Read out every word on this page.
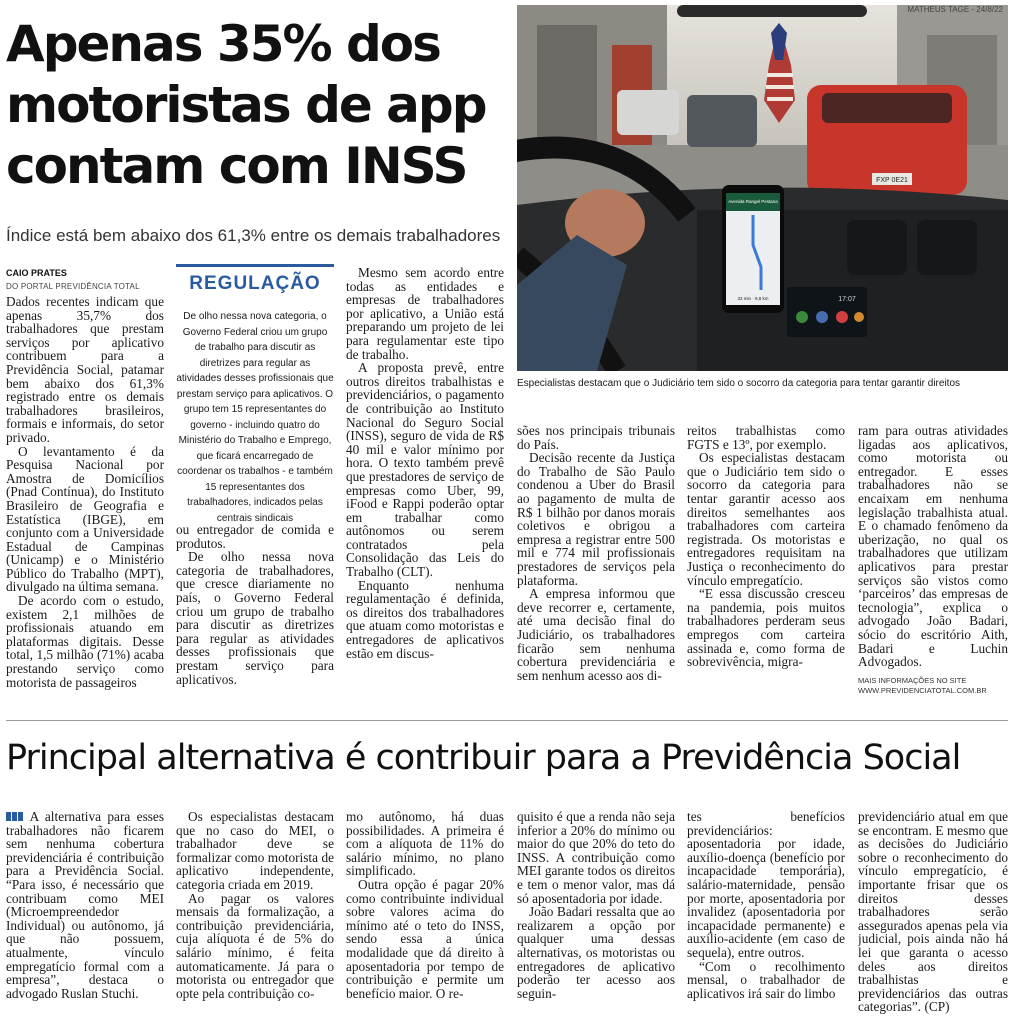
Apenas 35% dos motoristas de app contam com INSS
Índice está bem abaixo dos 61,3% entre os demais trabalhadores
CAIO PRATES
DO PORTAL PREVIDÊNCIA TOTAL

Dados recentes indicam que apenas 35,7% dos trabalhadores que prestam serviços por aplicativo contribuem para a Previdência Social, patamar bem abaixo dos 61,3% registrado entre os demais trabalhadores brasileiros, formais e informais, do setor privado.

O levantamento é da Pesquisa Nacional por Amostra de Domicílios (Pnad Contínua), do Instituto Brasileiro de Geografia e Estatística (IBGE), em conjunto com a Universidade Estadual de Campinas (Unicamp) e o Ministério Público do Trabalho (MPT), divulgado na última semana.

De acordo com o estudo, existem 2,1 milhões de profissionais atuando em plataformas digitais. Desse total, 1,5 milhão (71%) acaba prestando serviço como motorista de passageiros

REGULAÇÃO
De olho nessa nova categoria, o Governo Federal criou um grupo de trabalho para discutir as diretrizes para regular as atividades desses profissionais que prestam serviço para aplicativos. O grupo tem 15 representantes do governo - incluindo quatro do Ministério do Trabalho e Emprego, que ficará encarregado de coordenar os trabalhos - e também 15 representantes dos trabalhadores, indicados pelas centrais sindicais

ou entregador de comida e produtos.

De olho nessa nova categoria de trabalhadores, que cresce diariamente no país, o Governo Federal criou um grupo de trabalho para discutir as diretrizes para regular as atividades desses profissionais que prestam serviço para aplicativos.

Mesmo sem acordo entre todas as entidades e empresas de trabalhadores por aplicativo, a União está preparando um projeto de lei para regulamentar este tipo de trabalho.

A proposta prevê, entre outros direitos trabalhistas e previdenciários, o pagamento de contribuição ao Instituto Nacional do Seguro Social (INSS), seguro de vida de R$ 40 mil e valor mínimo por hora. O texto também prevê que prestadores de serviço de empresas como Uber, 99, iFood e Rappi poderão optar em trabalhar como autônomos ou serem contratados pela Consolidação das Leis do Trabalho (CLT).

Enquanto nenhuma regulamentação é definida, os direitos dos trabalhadores que atuam como motoristas e entregadores de aplicativos estão em discus-

FXP 0E21
17:07
Avenida Rangel Pestana
33 min · 9,8 km
MATHEUS TAGE - 24/8/22
Especialistas destacam que o Judiciário tem sido o socorro da categoria para tentar garantir direitos

sões nos principais tribunais do País.

Decisão recente da Justiça do Trabalho de São Paulo condenou a Uber do Brasil ao pagamento de multa de R$ 1 bilhão por danos morais coletivos e obrigou a empresa a registrar entre 500 mil e 774 mil profissionais prestadores de serviços pela plataforma.

A empresa informou que deve recorrer e, certamente, até uma decisão final do Judiciário, os trabalhadores ficarão sem nenhuma cobertura previdenciária e sem nenhum acesso aos di-

reitos trabalhistas como FGTS e 13º, por exemplo.

Os especialistas destacam que o Judiciário tem sido o socorro da categoria para tentar garantir acesso aos direitos semelhantes aos trabalhadores com carteira registrada. Os motoristas e entregadores requisitam na Justiça o reconhecimento do vínculo empregatício.

“E essa discussão cresceu na pandemia, pois muitos trabalhadores perderam seus empregos com carteira assinada e, como forma de sobrevivência, migra-

ram para outras atividades ligadas aos aplicativos, como motorista ou entregador. E esses trabalhadores não se encaixam em nenhuma legislação trabalhista atual. E o chamado fenômeno da uberização, no qual os trabalhadores que utilizam aplicativos para prestar serviços são vistos como ‘parceiros’ das empresas de tecnologia”, explica o advogado João Badari, sócio do escritório Aith, Badari e Luchin Advogados.

MAIS INFORMAÇÕES NO SITE WWW.PREVIDENCIATOTAL.COM.BR
Principal alternativa é contribuir para a Previdência Social

A alternativa para esses trabalhadores não ficarem sem nenhuma cobertura previdenciária é contribuição para a Previdência Social. “Para isso, é necessário que contribuam como MEI (Microempreendedor Individual) ou autônomo, já que não possuem, atualmente, vínculo empregatício formal com a empresa”, destaca o advogado Ruslan Stuchi.

Os especialistas destacam que no caso do MEI, o trabalhador deve se formalizar como motorista de aplicativo independente, categoria criada em 2019.

Ao pagar os valores mensais da formalização, a contribuição previdenciária, cuja alíquota é de 5% do salário mínimo, é feita automaticamente. Já para o motorista ou entregador que opte pela contribuição co-

mo autônomo, há duas possibilidades. A primeira é com a alíquota de 11% do salário mínimo, no plano simplificado.

Outra opção é pagar 20% como contribuinte individual sobre valores acima do mínimo até o teto do INSS, sendo essa a única modalidade que dá direito à aposentadoria por tempo de contribuição e permite um benefício maior. O re-

quisito é que a renda não seja inferior a 20% do mínimo ou maior do que 20% do teto do INSS. A contribuição como MEI garante todos os direitos e tem o menor valor, mas dá só aposentadoria por idade.

João Badari ressalta que ao realizarem a opção por qualquer uma dessas alternativas, os motoristas ou entregadores de aplicativo poderão ter acesso aos seguin-

tes benefícios previdenciários: aposentadoria por idade, auxílio-doença (benefício por incapacidade temporária), salário-maternidade, pensão por morte, aposentadoria por invalidez (aposentadoria por incapacidade permanente) e auxílio-acidente (em caso de sequela), entre outros.

“Com o recolhimento mensal, o trabalhador de aplicativos irá sair do limbo

previdenciário atual em que se encontram. E mesmo que as decisões do Judiciário sobre o reconhecimento do vínculo empregatício, é importante frisar que os direitos desses trabalhadores serão assegurados apenas pela via judicial, pois ainda não há lei que garanta o acesso deles aos direitos trabalhistas e previdenciários das outras categorias”. (CP)
